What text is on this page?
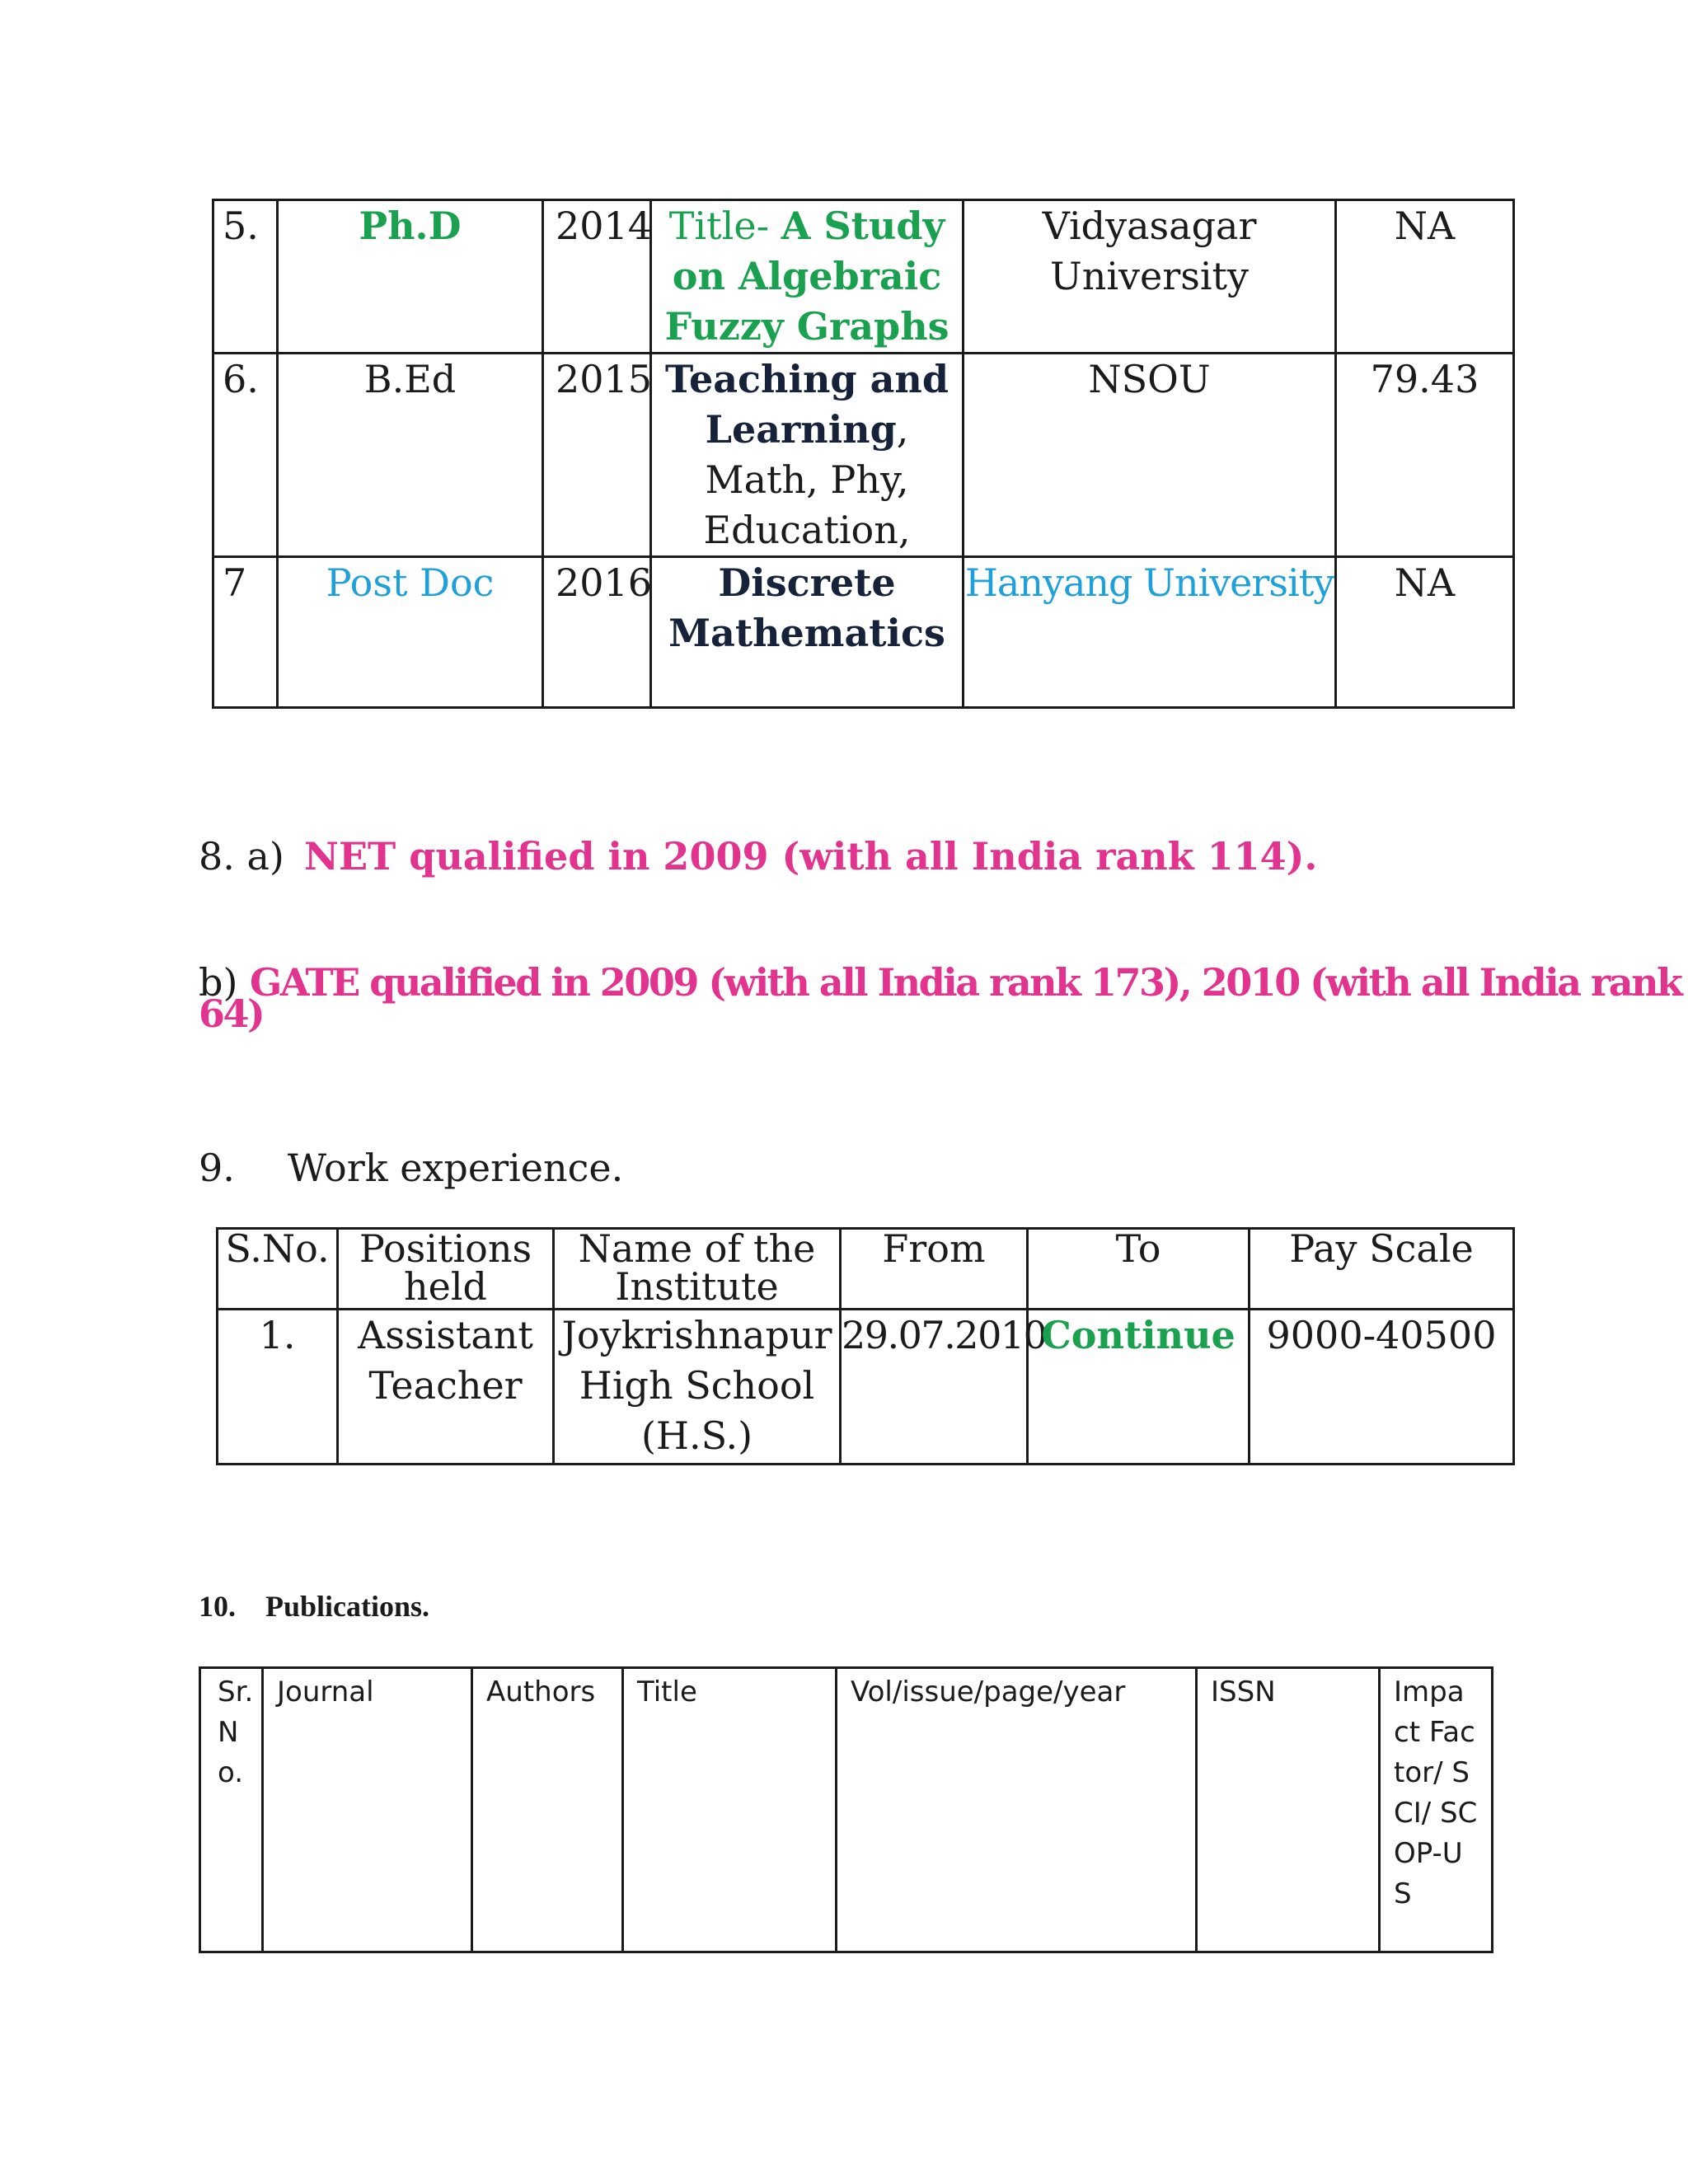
5.	Ph.D	2014	Title- A Study on Algebraic Fuzzy Graphs	Vidyasagar University	NA
6.	B.Ed	2015	Teaching and Learning, Math, Phy, Education,	NSOU	79.43
7	Post Doc	2016	Discrete Mathematics	Hanyang University	NA
8. a) NET qualified in 2009 (with all India rank 114).
b) GATE qualified in 2009 (with all India rank 173), 2010 (with all India rank
64)
9. Work experience.
S.No.	Positions held	Name of the Institute	From	To	Pay Scale
1.	Assistant Teacher	Joykrishnapur High School (H.S.)	29.07.2010	Continue	9000-40500
10. Publications.
Sr. No.	Journal	Authors	Title	Vol/issue/page/year	ISSN	Impact Factor/ SCI/ SCOP-US
